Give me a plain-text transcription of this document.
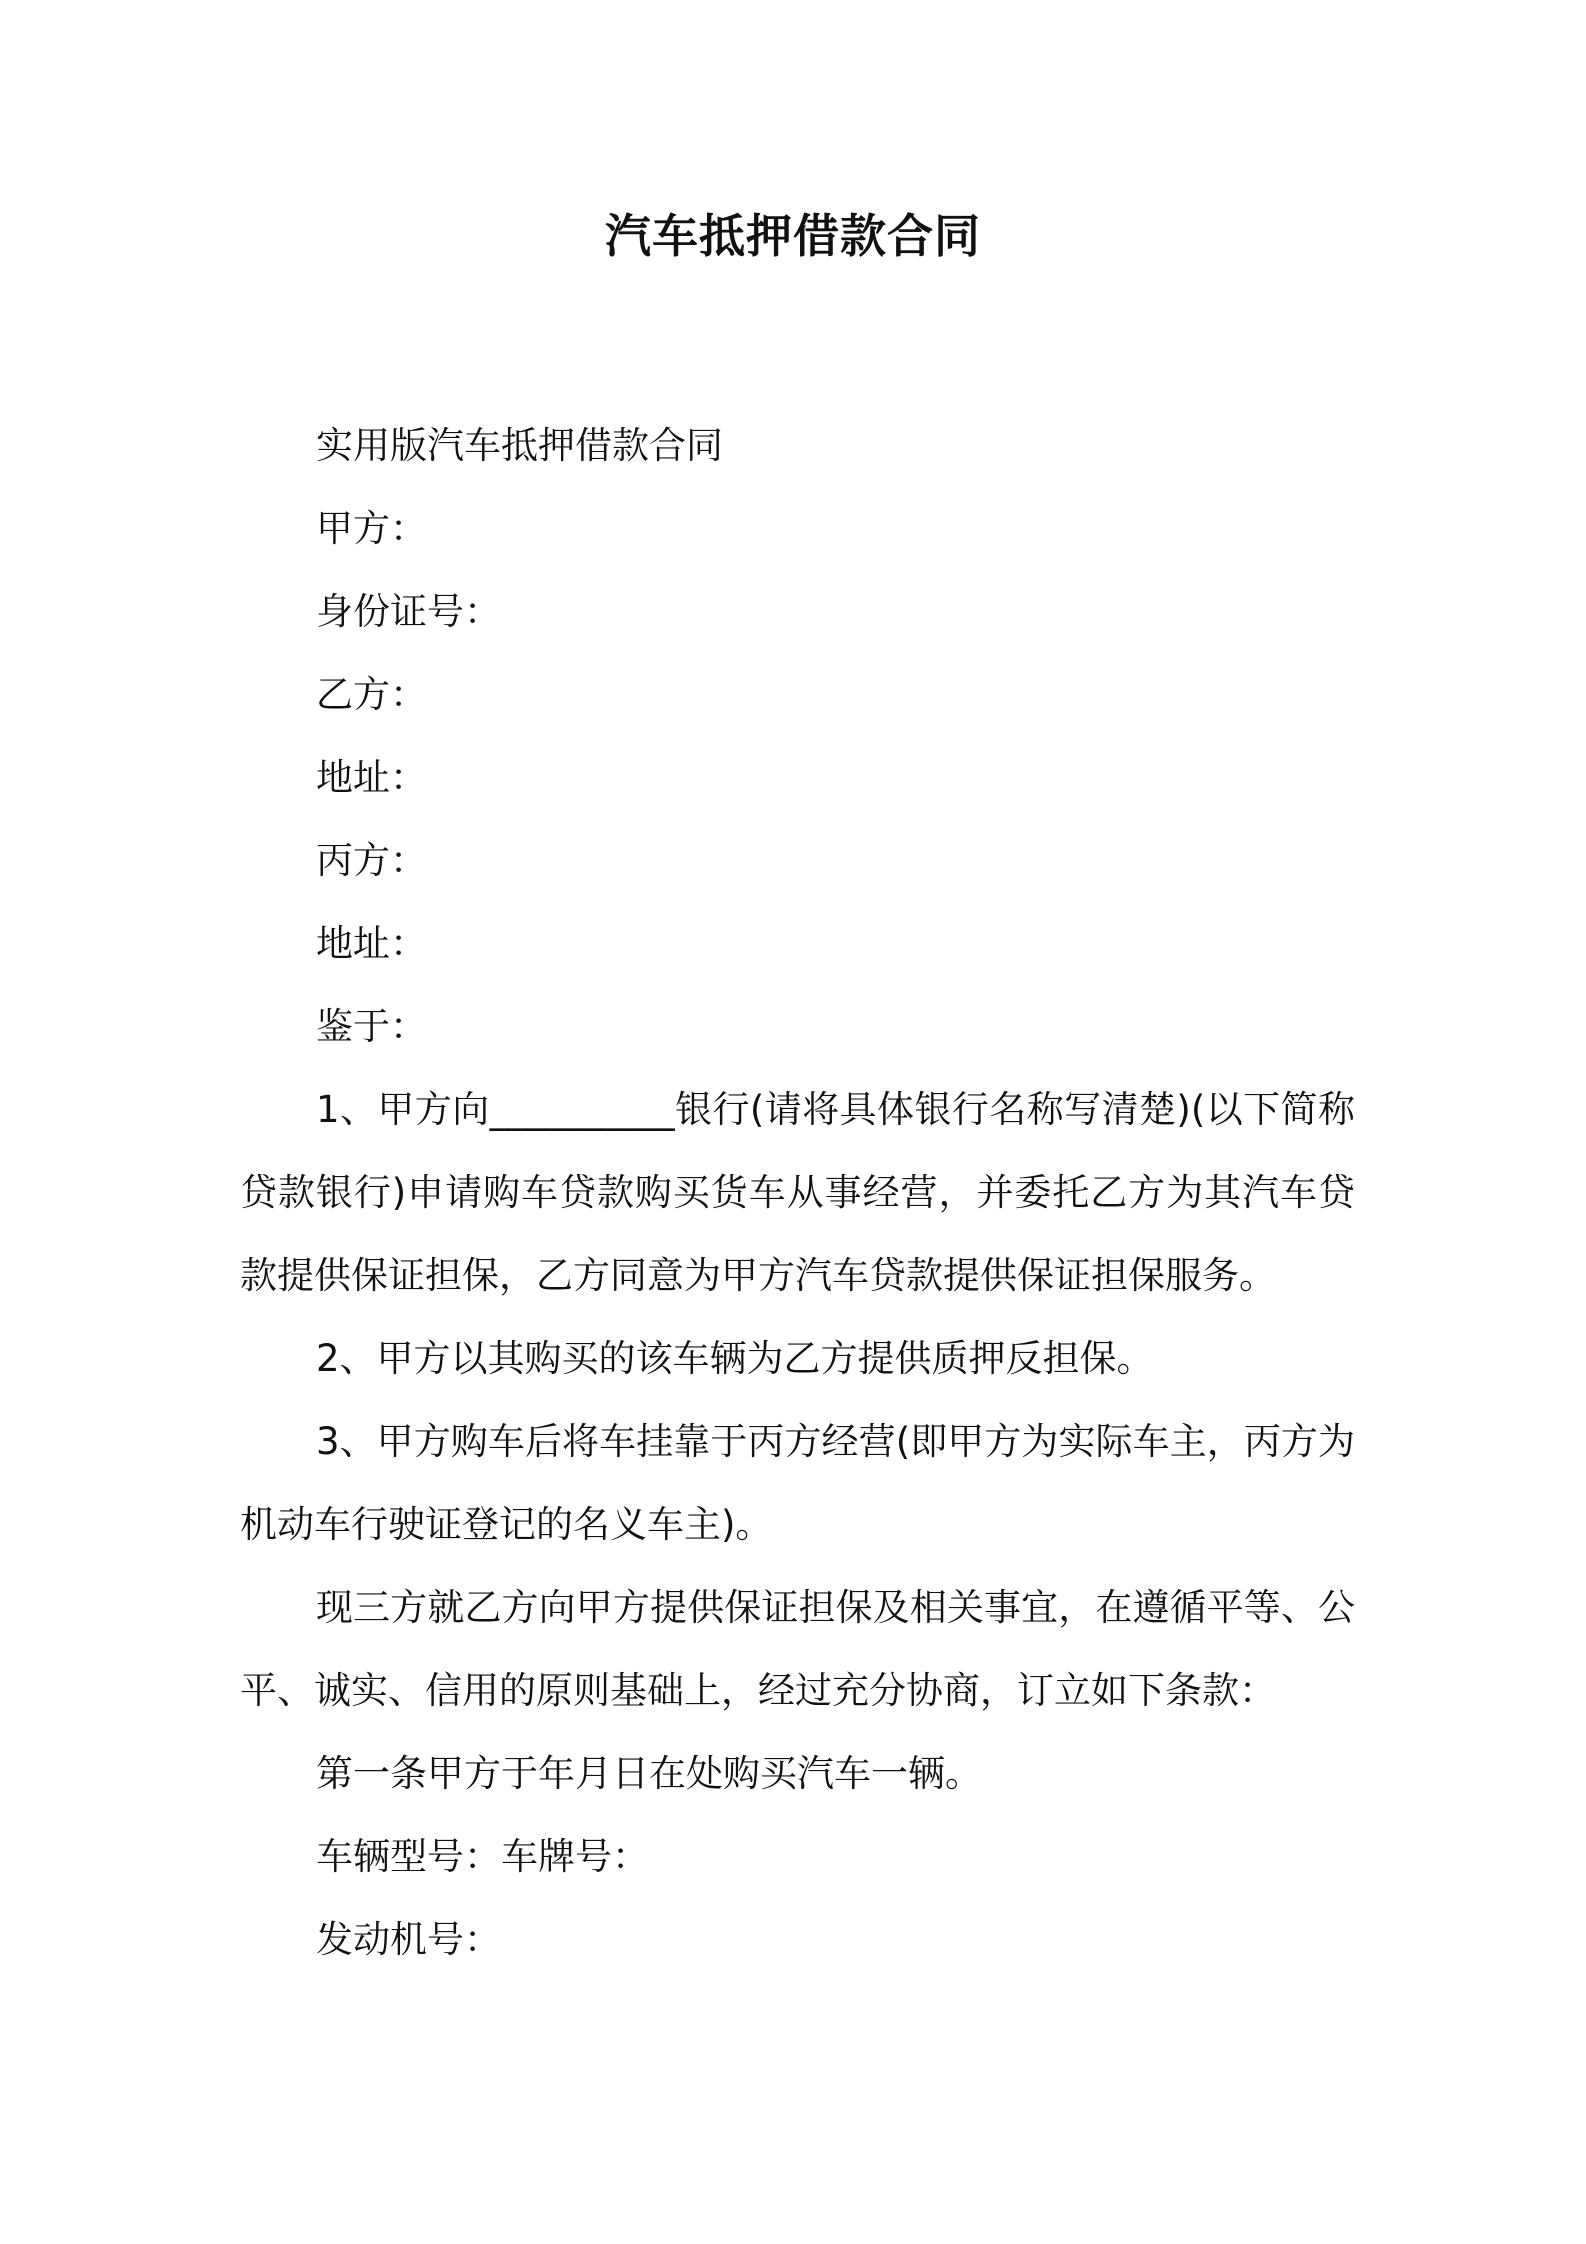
汽车抵押借款合同

实用版汽车抵押借款合同

甲方：

身份证号：

乙方：

地址：

丙方：

地址：

鉴于：

1、甲方向__________银行(请将具体银行名称写清楚)(以下简称贷款银行)申请购车贷款购买货车从事经营，并委托乙方为其汽车贷款提供保证担保，乙方同意为甲方汽车贷款提供保证担保服务。

2、甲方以其购买的该车辆为乙方提供质押反担保。

3、甲方购车后将车挂靠于丙方经营(即甲方为实际车主，丙方为机动车行驶证登记的名义车主)。

现三方就乙方向甲方提供保证担保及相关事宜，在遵循平等、公平、诚实、信用的原则基础上，经过充分协商，订立如下条款：

第一条甲方于年月日在处购买汽车一辆。

车辆型号：车牌号：

发动机号：
